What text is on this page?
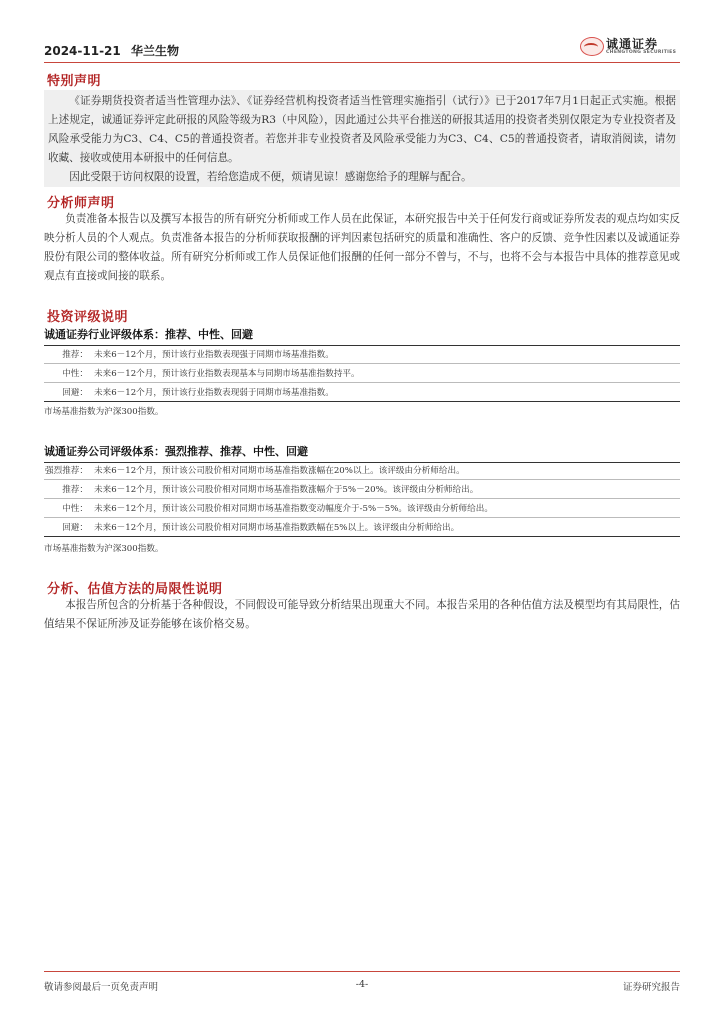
2024-11-21 华兰生物	诚通证券
CHENGTONG SECURITIES
特别声明

《证券期货投资者适当性管理办法》、《证券经营机构投资者适当性管理实施指引（试行）》已于2017年7月1日起正式实施。根据上述规定，诚通证券评定此研报的风险等级为R3（中风险），因此通过公共平台推送的研报其适用的投资者类别仅限定为专业投资者及风险承受能力为C3、C4、C5的普通投资者。若您并非专业投资者及风险承受能力为C3、C4、C5的普通投资者，请取消阅读，请勿收藏、接收或使用本研报中的任何信息。

因此受限于访问权限的设置，若给您造成不便，烦请见谅！感谢您给予的理解与配合。

分析师声明

负责准备本报告以及撰写本报告的所有研究分析师或工作人员在此保证，本研究报告中关于任何发行商或证券所发表的观点均如实反映分析人员的个人观点。负责准备本报告的分析师获取报酬的评判因素包括研究的质量和准确性、客户的反馈、竞争性因素以及诚通证券股份有限公司的整体收益。所有研究分析师或工作人员保证他们报酬的任何一部分不曾与，不与，也将不会与本报告中具体的推荐意见或观点有直接或间接的联系。

投资评级说明
诚通证券行业评级体系：推荐、中性、回避
推荐：	未来6－12个月，预计该行业指数表现强于同期市场基准指数。
中性：	未来6－12个月，预计该行业指数表现基本与同期市场基准指数持平。
回避：	未来6－12个月，预计该行业指数表现弱于同期市场基准指数。
市场基准指数为沪深300指数。
诚通证券公司评级体系：强烈推荐、推荐、中性、回避
强烈推荐：	未来6－12个月，预计该公司股价相对同期市场基准指数涨幅在20%以上。该评级由分析师给出。
推荐：	未来6－12个月，预计该公司股价相对同期市场基准指数涨幅介于5%－20%。该评级由分析师给出。
中性：	未来6－12个月，预计该公司股价相对同期市场基准指数变动幅度介于-5%－5%。该评级由分析师给出。
回避：	未来6－12个月，预计该公司股价相对同期市场基准指数跌幅在5%以上。该评级由分析师给出。
市场基准指数为沪深300指数。
分析、估值方法的局限性说明

本报告所包含的分析基于各种假设，不同假设可能导致分析结果出现重大不同。本报告采用的各种估值方法及模型均有其局限性，估值结果不保证所涉及证券能够在该价格交易。

敬请参阅最后一页免责声明	-4-	证券研究报告
